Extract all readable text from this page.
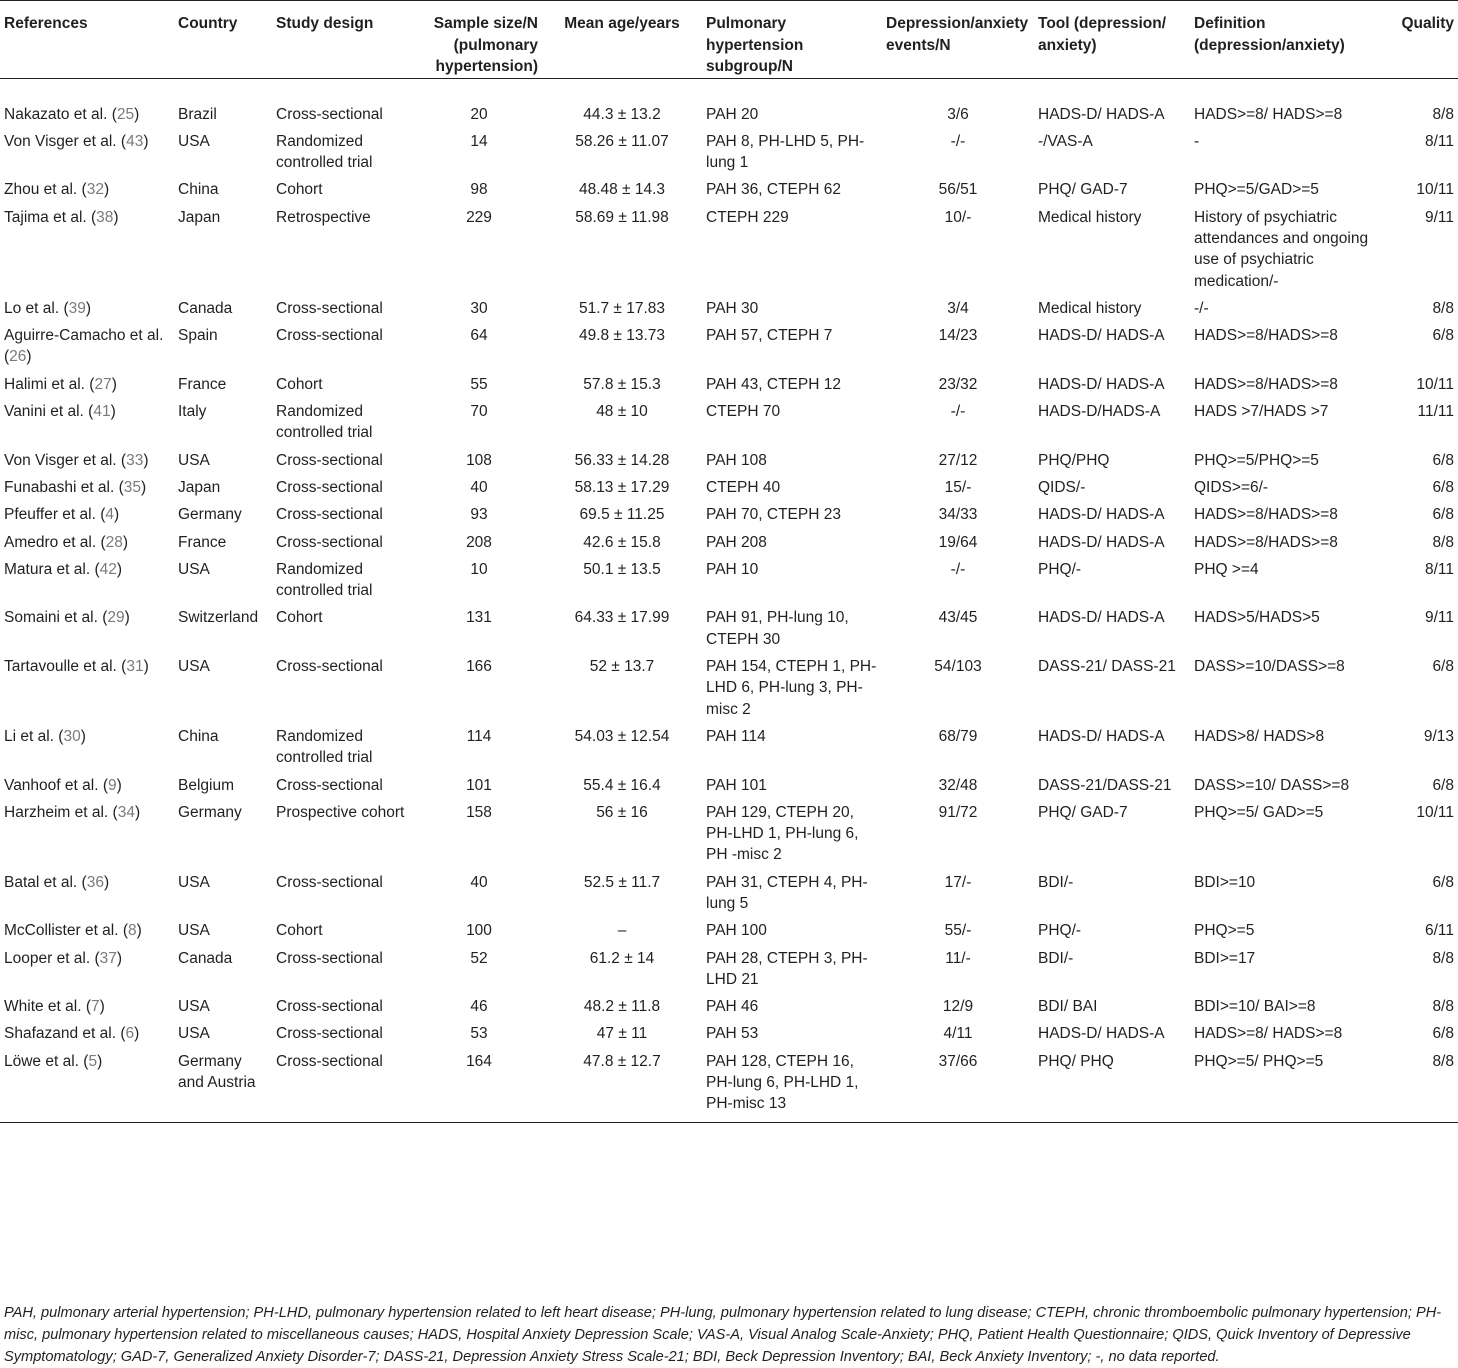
References	Country	Study design	Sample size/N (pulmonary hypertension)	Mean age/years	Pulmonary hypertension subgroup/N	Depression/anxiety events/N	Tool (depression/ anxiety)	Definition (depression/anxiety)	Quality
Nakazato et al. (25)	Brazil	Cross-sectional	20	44.3 ± 13.2	PAH 20	3/6	HADS-D/ HADS-A	HADS>=8/ HADS>=8	8/8
Von Visger et al. (43)	USA	Randomized controlled trial	14	58.26 ± 11.07	PAH 8, PH-LHD 5, PH-lung 1	-/-	-/VAS-A	-	8/11
Zhou et al. (32)	China	Cohort	98	48.48 ± 14.3	PAH 36, CTEPH 62	56/51	PHQ/ GAD-7	PHQ>=5/GAD>=5	10/11
Tajima et al. (38)	Japan	Retrospective	229	58.69 ± 11.98	CTEPH 229	10/-	Medical history	History of psychiatric attendances and ongoing use of psychiatric medication/-	9/11
Lo et al. (39)	Canada	Cross-sectional	30	51.7 ± 17.83	PAH 30	3/4	Medical history	-/-	8/8
Aguirre-Camacho et al. (26)	Spain	Cross-sectional	64	49.8 ± 13.73	PAH 57, CTEPH 7	14/23	HADS-D/ HADS-A	HADS>=8/HADS>=8	6/8
Halimi et al. (27)	France	Cohort	55	57.8 ± 15.3	PAH 43, CTEPH 12	23/32	HADS-D/ HADS-A	HADS>=8/HADS>=8	10/11
Vanini et al. (41)	Italy	Randomized controlled trial	70	48 ± 10	CTEPH 70	-/-	HADS-D/HADS-A	HADS >7/HADS >7	11/11
Von Visger et al. (33)	USA	Cross-sectional	108	56.33 ± 14.28	PAH 108	27/12	PHQ/PHQ	PHQ>=5/PHQ>=5	6/8
Funabashi et al. (35)	Japan	Cross-sectional	40	58.13 ± 17.29	CTEPH 40	15/-	QIDS/-	QIDS>=6/-	6/8
Pfeuffer et al. (4)	Germany	Cross-sectional	93	69.5 ± 11.25	PAH 70, CTEPH 23	34/33	HADS-D/ HADS-A	HADS>=8/HADS>=8	6/8
Amedro et al. (28)	France	Cross-sectional	208	42.6 ± 15.8	PAH 208	19/64	HADS-D/ HADS-A	HADS>=8/HADS>=8	8/8
Matura et al. (42)	USA	Randomized controlled trial	10	50.1 ± 13.5	PAH 10	-/-	PHQ/-	PHQ >=4	8/11
Somaini et al. (29)	Switzerland	Cohort	131	64.33 ± 17.99	PAH 91, PH-lung 10, CTEPH 30	43/45	HADS-D/ HADS-A	HADS>5/HADS>5	9/11
Tartavoulle et al. (31)	USA	Cross-sectional	166	52 ± 13.7	PAH 154, CTEPH 1, PH-LHD 6, PH-lung 3, PH-misc 2	54/103	DASS-21/ DASS-21	DASS>=10/DASS>=8	6/8
Li et al. (30)	China	Randomized controlled trial	114	54.03 ± 12.54	PAH 114	68/79	HADS-D/ HADS-A	HADS>8/ HADS>8	9/13
Vanhoof et al. (9)	Belgium	Cross-sectional	101	55.4 ± 16.4	PAH 101	32/48	DASS-21/DASS-21	DASS>=10/ DASS>=8	6/8
Harzheim et al. (34)	Germany	Prospective cohort	158	56 ± 16	PAH 129, CTEPH 20, PH-LHD 1, PH-lung 6, PH -misc 2	91/72	PHQ/ GAD-7	PHQ>=5/ GAD>=5	10/11
Batal et al. (36)	USA	Cross-sectional	40	52.5 ± 11.7	PAH 31, CTEPH 4, PH-lung 5	17/-	BDI/-	BDI>=10	6/8
McCollister et al. (8)	USA	Cohort	100	–	PAH 100	55/-	PHQ/-	PHQ>=5	6/11
Looper et al. (37)	Canada	Cross-sectional	52	61.2 ± 14	PAH 28, CTEPH 3, PH-LHD 21	11/-	BDI/-	BDI>=17	8/8
White et al. (7)	USA	Cross-sectional	46	48.2 ± 11.8	PAH 46	12/9	BDI/ BAI	BDI>=10/ BAI>=8	8/8
Shafazand et al. (6)	USA	Cross-sectional	53	47 ± 11	PAH 53	4/11	HADS-D/ HADS-A	HADS>=8/ HADS>=8	6/8
Löwe et al. (5)	Germany and Austria	Cross-sectional	164	47.8 ± 12.7	PAH 128, CTEPH 16, PH-lung 6, PH-LHD 1, PH-misc 13	37/66	PHQ/ PHQ	PHQ>=5/ PHQ>=5	8/8
PAH, pulmonary arterial hypertension; PH-LHD, pulmonary hypertension related to left heart disease; PH-lung, pulmonary hypertension related to lung disease; CTEPH, chronic thromboembolic pulmonary hypertension; PH-misc, pulmonary hypertension related to miscellaneous causes; HADS, Hospital Anxiety Depression Scale; VAS-A, Visual Analog Scale-Anxiety; PHQ, Patient Health Questionnaire; QIDS, Quick Inventory of Depressive Symptomatology; GAD-7, Generalized Anxiety Disorder-7; DASS-21, Depression Anxiety Stress Scale-21; BDI, Beck Depression Inventory; BAI, Beck Anxiety Inventory; -, no data reported.
